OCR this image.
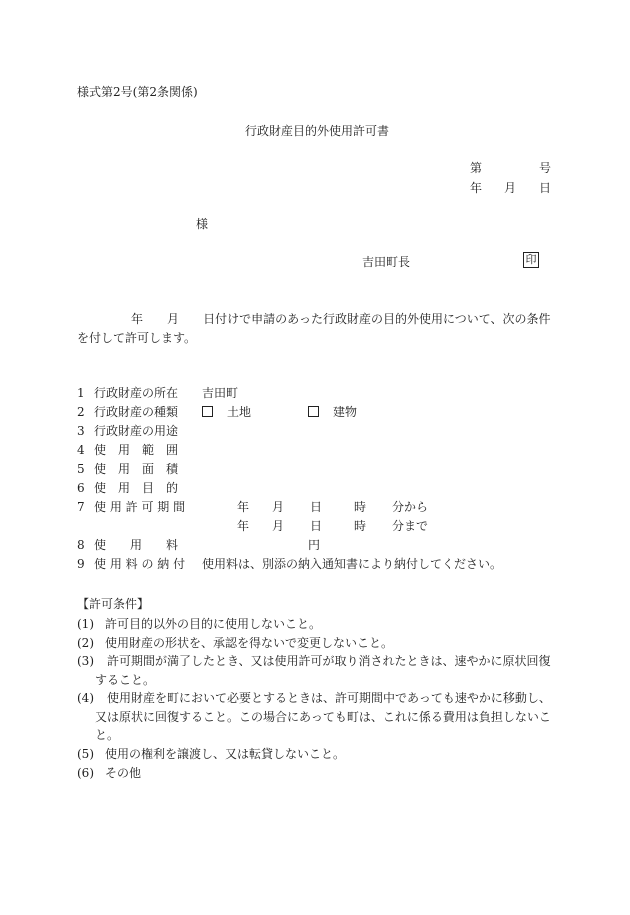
様式第2号(第2条関係)
行政財産目的外使用許可書
第	号
年 月 日
様
吉田町長	印
年　　 月　　 日付けで申請のあった行政財産の目的外使用について、次の条件を付して許可します。
1 行政財産の所在 吉田町
2 行政財産の種類	土地	建物
3 行政財産の用途
4 使　用　範　囲
5 使　用　面　積
6 使　用　目　的
7 使 用 許 可 期 間	年 月 日	時 分から
年 月 日	時 分まで
8 使　　用　　料	円
9 使 用 料 の 納 付 使用料は、別添の納入通知書により納付してください。
【許可条件】
(1) 許可目的以外の目的に使用しないこと。
(2) 使用財産の形状を、承認を得ないで変更しないこと。
(3)	許可期間が満了したとき、又は使用許可が取り消されたときは、速やかに原状回復すること。
(4)	使用財産を町において必要とするときは、許可期間中であっても速やかに移動し、又は原状に回復すること。この場合にあっても町は、これに係る費用は負担しないこと。
(5) 使用の権利を譲渡し、又は転貸しないこと。
(6) その他
